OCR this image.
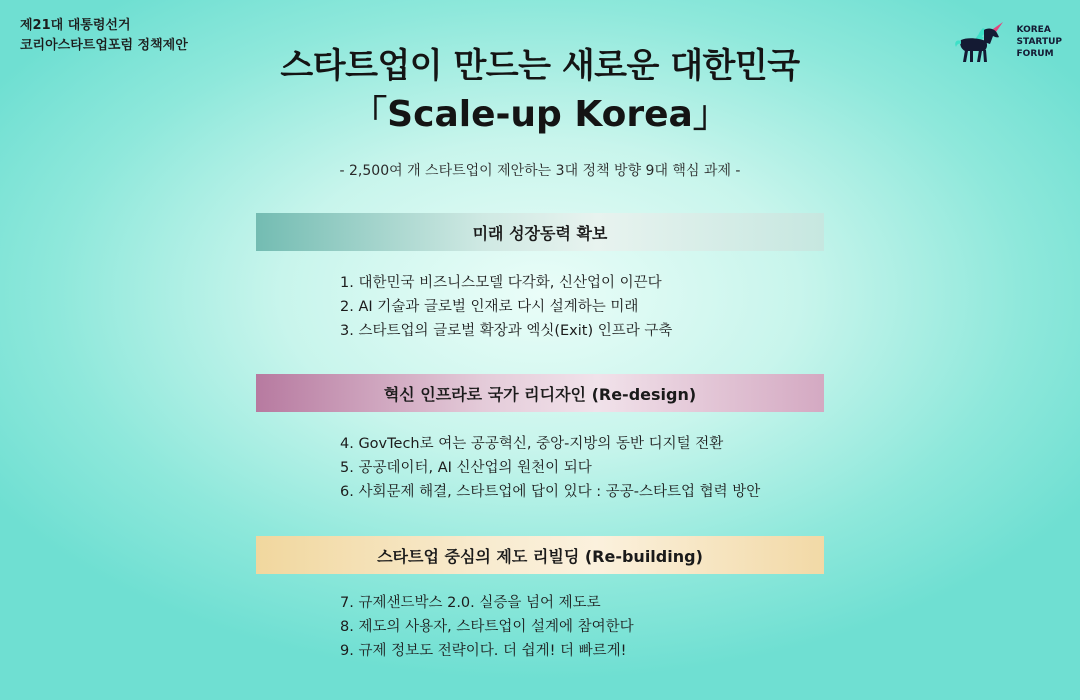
제21대 대통령선거
코리아스타트업포럼 정책제안
KOREA
STARTUP
FORUM
스타트업이 만드는 새로운 대한민국
「Scale-up Korea」
- 2,500여 개 스타트업이 제안하는 3대 정책 방향 9대 핵심 과제 -
미래 성장동력 확보
1. 대한민국 비즈니스모델 다각화, 신산업이 이끈다
2. AI 기술과 글로벌 인재로 다시 설계하는 미래
3. 스타트업의 글로벌 확장과 엑싯(Exit) 인프라 구축
혁신 인프라로 국가 리디자인 (Re-design)
4. GovTech로 여는 공공혁신, 중앙-지방의 동반 디지털 전환
5. 공공데이터, AI 신산업의 원천이 되다
6. 사회문제 해결, 스타트업에 답이 있다 : 공공-스타트업 협력 방안
스타트업 중심의 제도 리빌딩 (Re-building)
7. 규제샌드박스 2.0. 실증을 넘어 제도로
8. 제도의 사용자, 스타트업이 설계에 참여한다
9. 규제 정보도 전략이다. 더 쉽게! 더 빠르게!
